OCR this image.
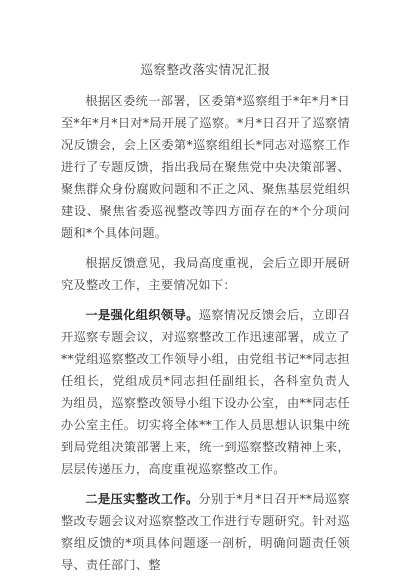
巡察整改落实情况汇报

根据区委统一部署，区委第*巡察组于*年*月*日至*年*月*日对*局开展了巡察。*月*日召开了巡察情况反馈会，会上区委第*巡察组组长*同志对巡察工作进行了专题反馈，指出我局在聚焦党中央决策部署、聚焦群众身份腐败问题和不正之风、聚焦基层党组织建设、聚焦省委巡视整改等四方面存在的*个分项问题和*个具体问题。

根据反馈意见，我局高度重视，会后立即开展研究及整改工作，主要情况如下：

一是强化组织领导。巡察情况反馈会后，立即召开巡察专题会议，对巡察整改工作迅速部署，成立了**党组巡察整改工作领导小组，由党组书记**同志担任组长，党组成员*同志担任副组长，各科室负责人为组员，巡察整改领导小组下设办公室，由**同志任办公室主任。切实将全体**工作人员思想认识集中统到局党组决策部署上来，统一到巡察整改精神上来，层层传递压力，高度重视巡察整改工作。

二是压实整改工作。分别于*月*日召开**局巡察整改专题会议对巡察整改工作进行专题研究。针对巡察组反馈的*项具体问题逐一剖析，明确问题责任领导、责任部门、整
